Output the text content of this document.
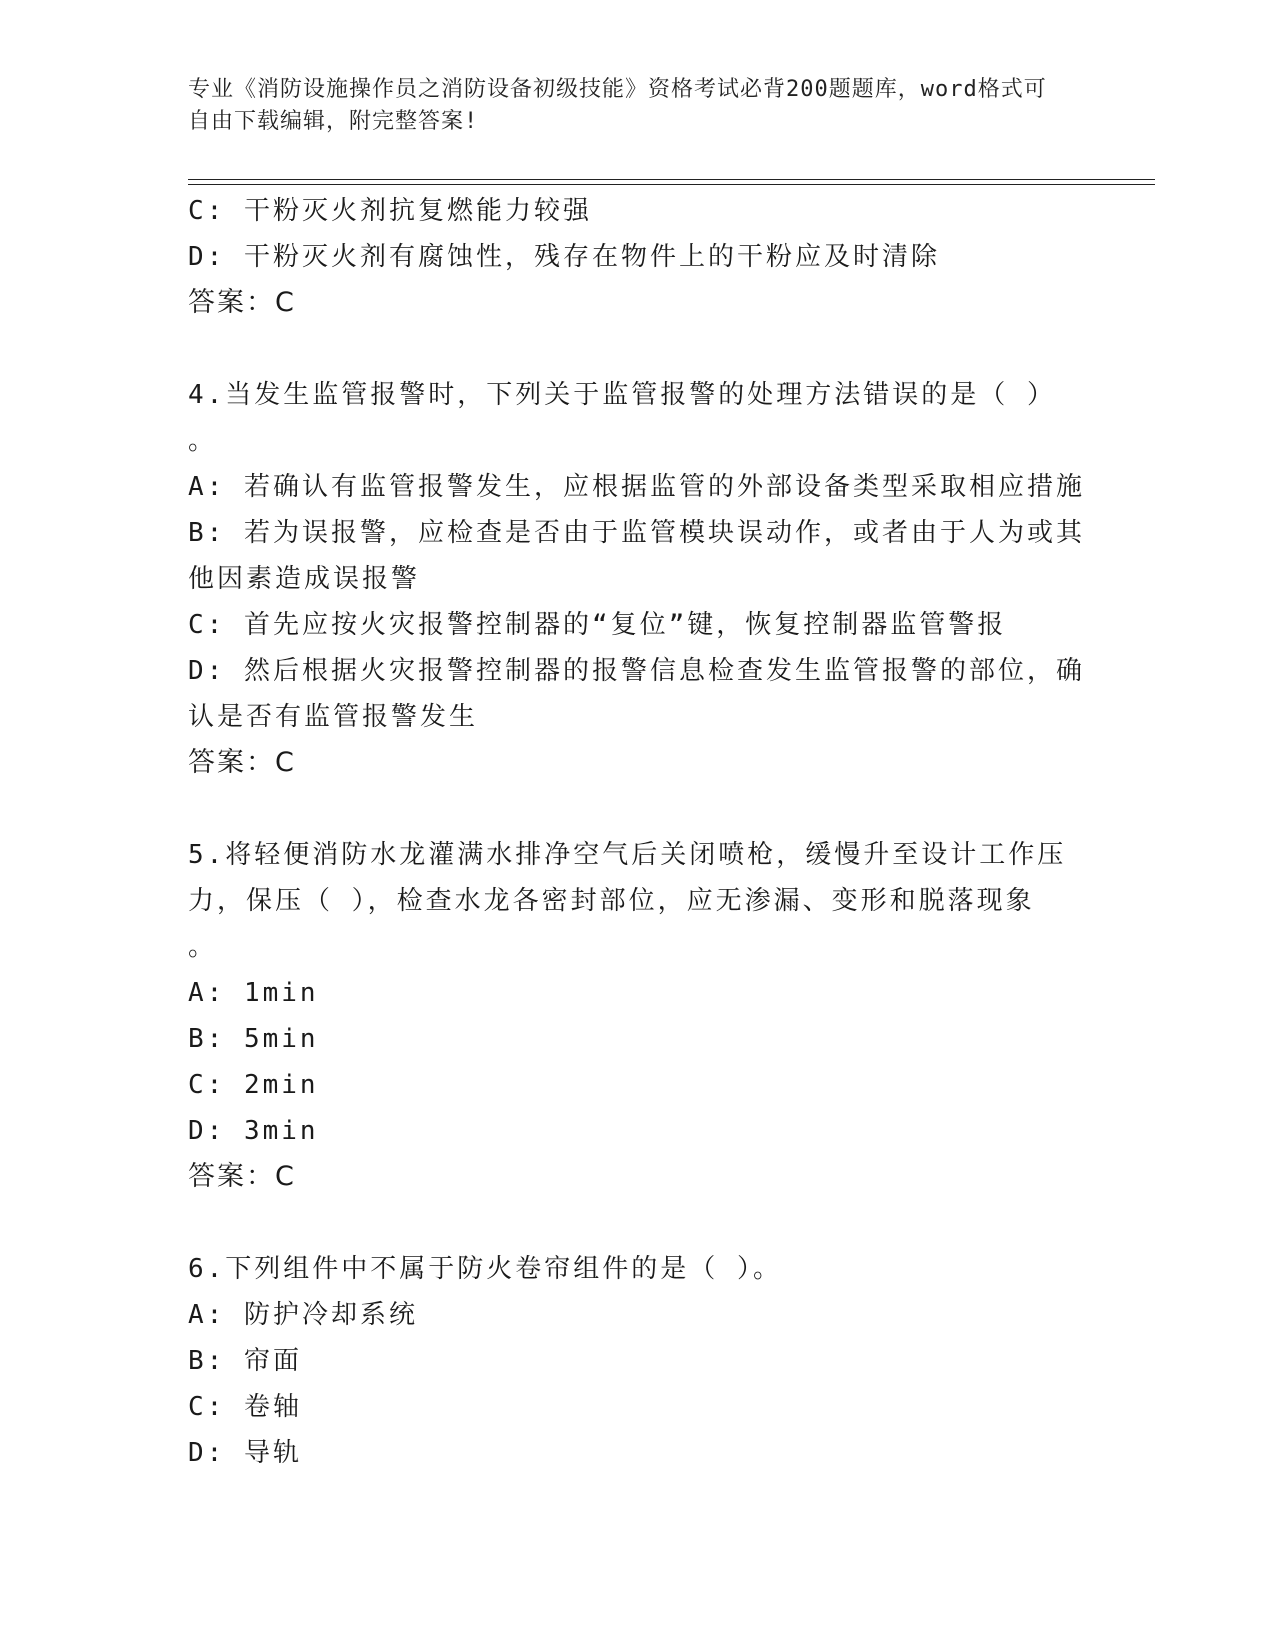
专业《消防设施操作员之消防设备初级技能》资格考试必背200题题库，word格式可自由下载编辑，附完整答案!
C: 干粉灭火剂抗复燃能力较强
D: 干粉灭火剂有腐蚀性，残存在物件上的干粉应及时清除
答案：C
4.当发生监管报警时，下列关于监管报警的处理方法错误的是（ ）
。
A: 若确认有监管报警发生，应根据监管的外部设备类型采取相应措施
B: 若为误报警，应检查是否由于监管模块误动作，或者由于人为或其
他因素造成误报警
C: 首先应按火灾报警控制器的“复位”键，恢复控制器监管警报
D: 然后根据火灾报警控制器的报警信息检查发生监管报警的部位，确
认是否有监管报警发生
答案：C
5.将轻便消防水龙灌满水排净空气后关闭喷枪，缓慢升至设计工作压
力，保压（ ），检查水龙各密封部位，应无渗漏、变形和脱落现象
。
A: 1min
B: 5min
C: 2min
D: 3min
答案：C
6.下列组件中不属于防火卷帘组件的是（ ）。
A: 防护冷却系统
B: 帘面
C: 卷轴
D: 导轨
